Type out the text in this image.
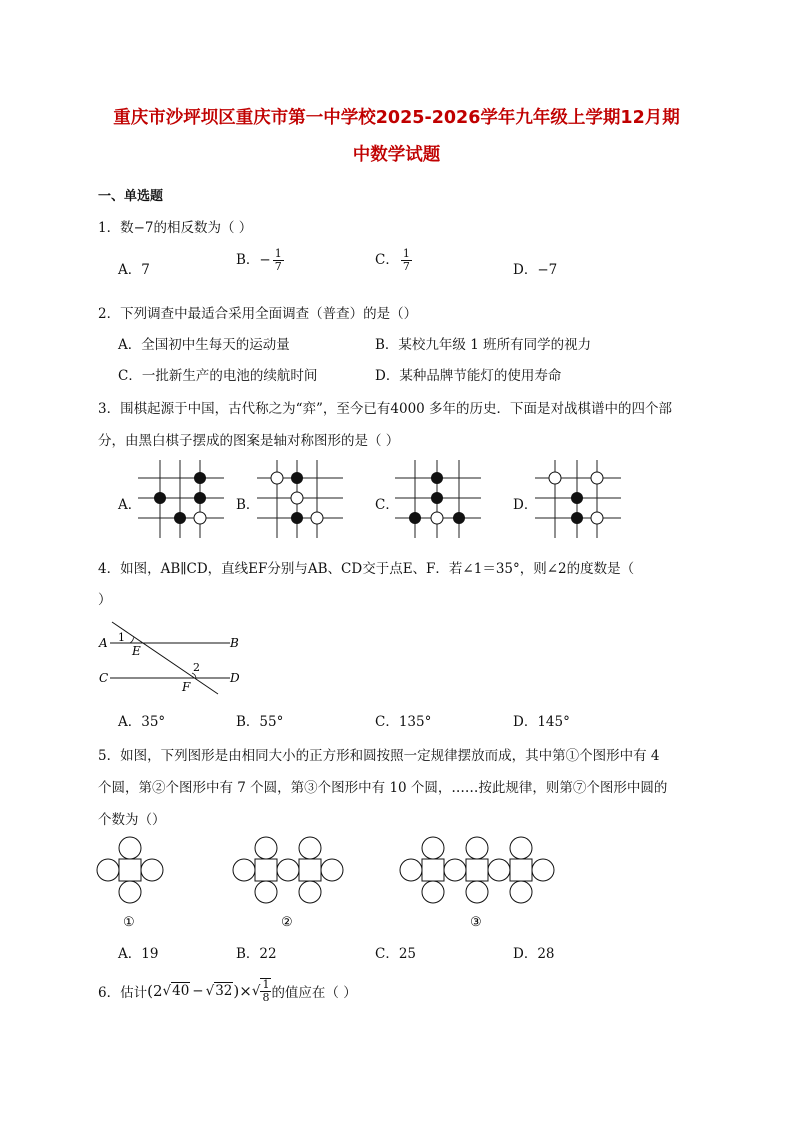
重庆市沙坪坝区重庆市第一中学校2025-2026学年九年级上学期12月期
中数学试题
一、单选题
1．数−7的相反数为（ ）
A．7
B．− $\frac{1}{7}$	C． $\frac{1}{7}$	D．−7
2．下列调查中最适合采用全面调查（普查）的是（）
A．全国初中生每天的运动量	B．某校九年级 1 班所有同学的视力
C．一批新生产的电池的续航时间	D．某种品牌节能灯的使用寿命
3．围棋起源于中国，古代称之为“弈”，至今已有4000 多年的历史．下面是对战棋谱中的四个部
分，由黑白棋子摆成的图案是轴对称图形的是（ ）
A．	B．	C．	D．
4．如图，AB∥CD，直线EF分别与AB、CD交于点E、F．若∠1＝35°，则∠2的度数是（
）
A	B
C	D
E
F
1
2
A．35°	B．55°	C．135°	D．145°
5．如图，下列图形是由相同大小的正方形和圆按照一定规律摆放而成，其中第①个图形中有 4
个圆，第②个图形中有 7 个圆，第③个图形中有 10 个圆，……按此规律，则第⑦个图形中圆的
个数为（）
①	②	③
A．19	B．22	C．25	D．28
6．估计 (2 √40 − √32 )× √ $\frac{1}{8}$ 的值应在（ ）
